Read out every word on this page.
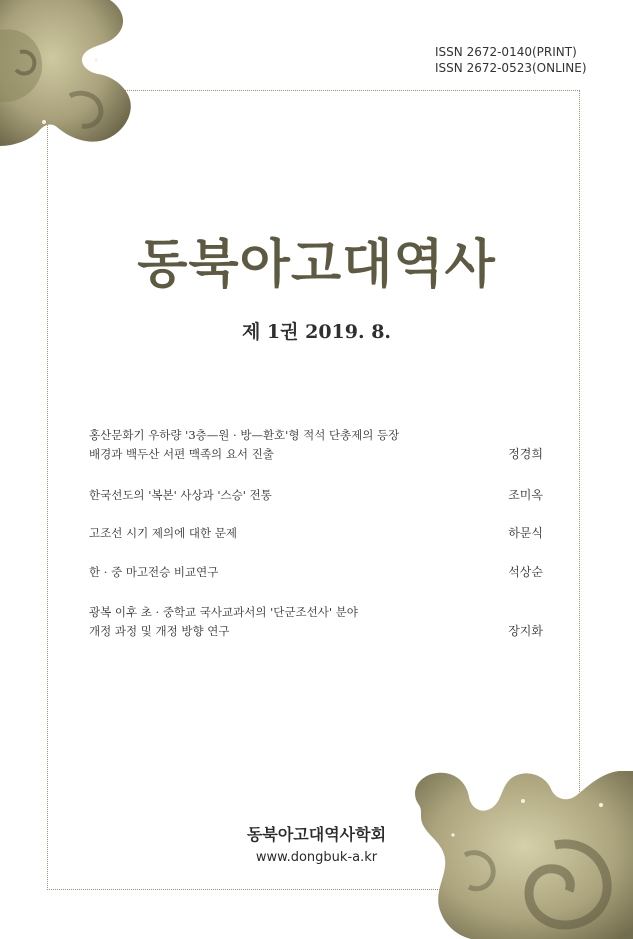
ISSN 2672-0140(PRINT)
ISSN 2672-0523(ONLINE)
동북아고대역사
제 1권 2019. 8.
홍산문화기 우하량 '3층—원 · 방—환호'형 적석 단총제의 등장
배경과 백두산 서편 맥족의 요서 진출	정경희
한국선도의 '복본' 사상과 '스승' 전통	조미옥
고조선 시기 제의에 대한 문제	하문식
한 · 중 마고전승 비교연구	석상순
광복 이후 초 · 중학교 국사교과서의 '단군조선사' 분야
개정 과정 및 개정 방향 연구	장지화
동북아고대역사학회
www.dongbuk-a.kr
